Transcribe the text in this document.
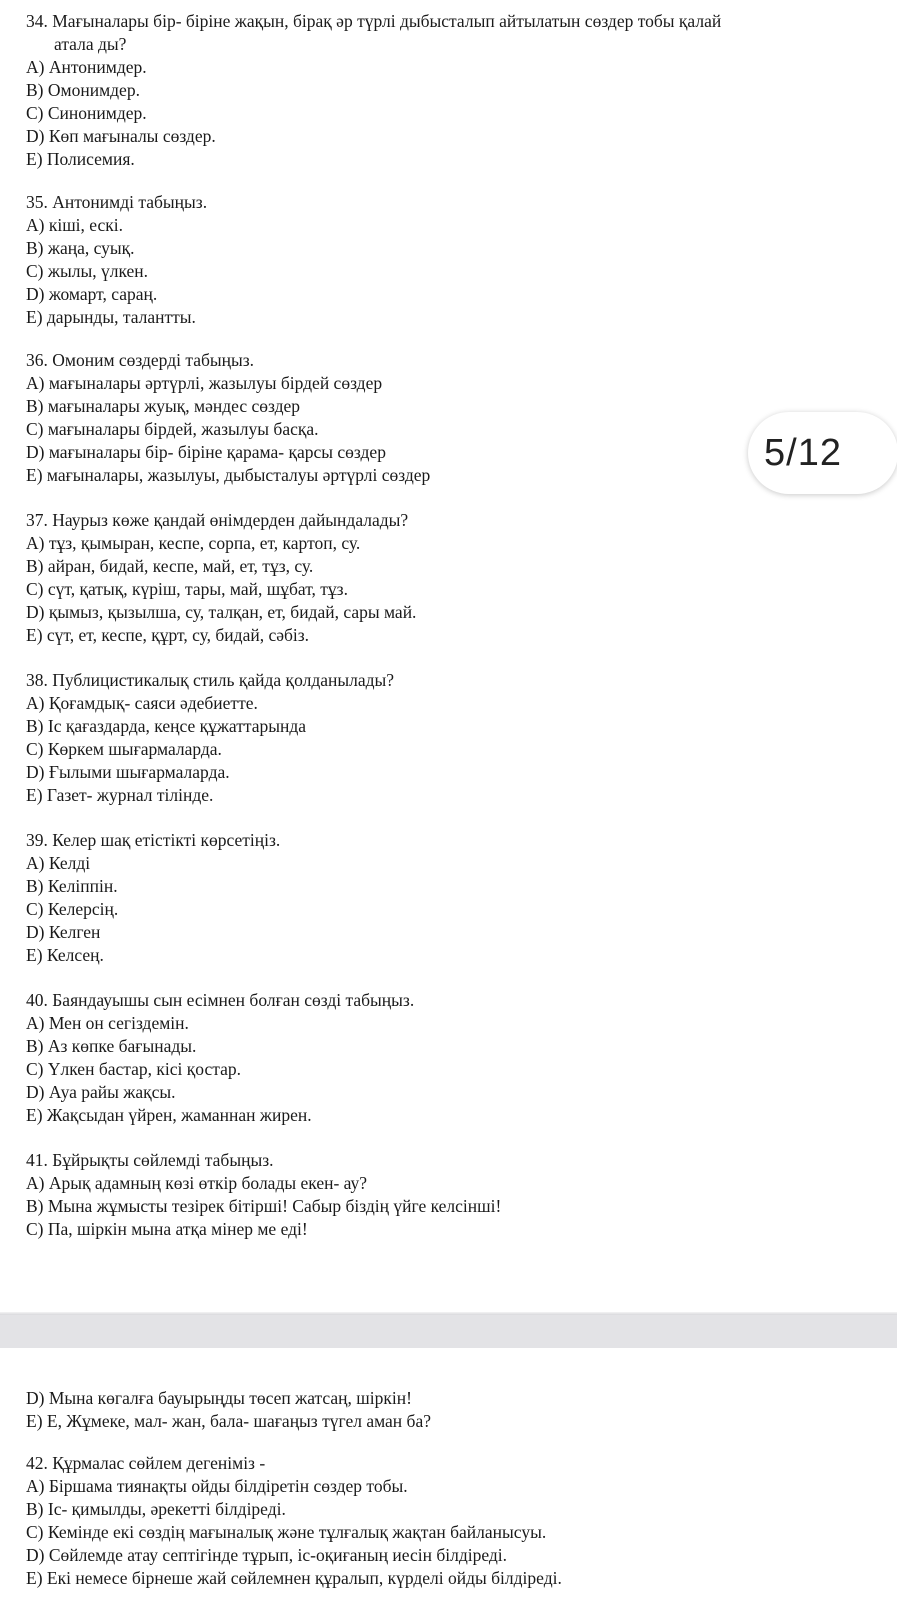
34. Мағыналары бір- біріне жақын, бірақ әр түрлі дыбысталып айтылатын сөздер тобы қалай
атала ды?
A) Антонимдер.
B) Омонимдер.
C) Синонимдер.
D) Көп мағыналы сөздер.
E) Полисемия.
35. Антонимді табыңыз.
A) кіші, ескі.
B) жаңа, суық.
C) жылы, үлкен.
D) жомарт, сараң.
E) дарынды, талантты.
36. Омоним сөздерді табыңыз.
A) мағыналары әртүрлі, жазылуы бірдей сөздер
B) мағыналары жуық, мәндес сөздер
C) мағыналары бірдей, жазылуы басқа.
D) мағыналары бір- біріне қарама- қарсы сөздер
E) мағыналары, жазылуы, дыбысталуы әртүрлі сөздер
37. Наурыз көже қандай өнімдерден дайындалады?
A) тұз, қымыран, кеспе, сорпа, ет, картоп, су.
B) айран, бидай, кеспе, май, ет, тұз, су.
C) сүт, қатық, күріш, тары, май, шұбат, тұз.
D) қымыз, қызылша, су, талқан, ет, бидай, сары май.
E) сүт, ет, кеспе, құрт, су, бидай, сәбіз.
38. Публицистикалық стиль қайда қолданылады?
A) Қоғамдық- саяси әдебиетте.
B) Іс қағаздарда, кеңсе құжаттарында
C) Көркем шығармаларда.
D) Ғылыми шығармаларда.
E) Газет- журнал тілінде.
39. Келер шақ етістікті көрсетіңіз.
A) Келді
B) Келіппін.
C) Келерсің.
D) Келген
E) Келсең.
40. Баяндауышы сын есімнен болған сөзді табыңыз.
A) Мен он сегіздемін.
B) Аз көпке бағынады.
C) Үлкен бастар, кісі қостар.
D) Ауа райы жақсы.
E) Жақсыдан үйрен, жаманнан жирен.
41. Бұйрықты сөйлемді табыңыз.
A) Арық адамның көзі өткір болады екен- ау?
B) Мына жұмысты тезірек бітірші! Сабыр біздің үйге келсінші!
C) Па, шіркін мына атқа мінер ме еді!
D) Мына көгалға бауырыңды төсеп жатсаң, шіркін!
E) Е, Жұмеке, мал- жан, бала- шағаңыз түгел аман ба?
42. Құрмалас сөйлем дегеніміз -
A) Біршама тиянақты ойды білдіретін сөздер тобы.
B) Іс- қимылды, әрекетті білдіреді.
C) Кемінде екі сөздің мағыналық және тұлғалық жақтан байланысуы.
D) Сөйлемде атау септігінде тұрып, іс-оқиғаның иесін білдіреді.
E) Екі немесе бірнеше жай сөйлемнен құралып, күрделі ойды білдіреді.
5/12
